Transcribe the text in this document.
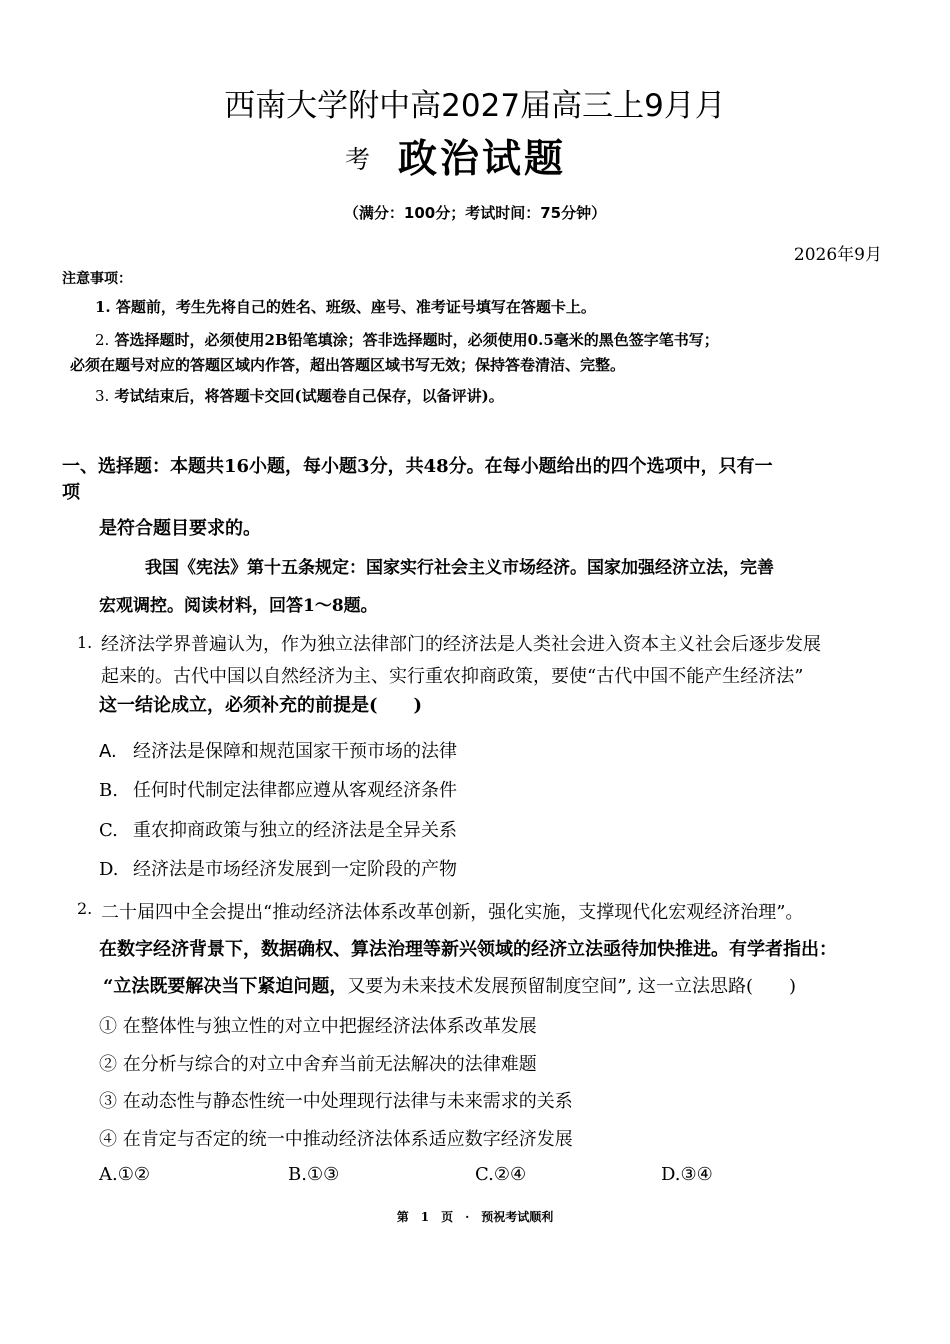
西南大学附中高2027届高三上9月月
考 政治试题
（满分：100分；考试时间：75分钟）
2026年9月
注意事项：
1. 答题前，考生先将自己的姓名、班级、座号、准考证号填写在答题卡上。
2. 答选择题时，必须使用2B铅笔填涂；答非选择题时，必须使用0.5毫米的黑色签字笔书写；
必须在题号对应的答题区域内作答，超出答题区域书写无效；保持答卷清洁、完整。
3. 考试结束后，将答题卡交回(试题卷自己保存，以备评讲)。
一、选择题：本题共16小题，每小题3分，共48分。在每小题给出的四个选项中，只有一
项
是符合题目要求的。
我国《宪法》第十五条规定：国家实行社会主义市场经济。国家加强经济立法，完善
宏观调控。阅读材料，回答1～8题。
1. 经济法学界普遍认为，作为独立法律部门的经济法是人类社会进入资本主义社会后逐步发展
起来的。古代中国以自然经济为主、实行重农抑商政策，要使“古代中国不能产生经济法”
这一结论成立，必须补充的前提是(　　)
A. 经济法是保障和规范国家干预市场的法律
B. 任何时代制定法律都应遵从客观经济条件
C. 重农抑商政策与独立的经济法是全异关系
D. 经济法是市场经济发展到一定阶段的产物
2. 二十届四中全会提出“推动经济法体系改革创新，强化实施，支撑现代化宏观经济治理”。
在数字经济背景下，数据确权、算法治理等新兴领域的经济立法亟待加快推进。有学者指出：
“立法既要解决当下紧迫问题，又要为未来技术发展预留制度空间”, 这一立法思路(　　)
① 在整体性与独立性的对立中把握经济法体系改革发展
② 在分析与综合的对立中舍弃当前无法解决的法律难题
③ 在动态性与静态性统一中处理现行法律与未来需求的关系
④ 在肯定与否定的统一中推动经济法体系适应数字经济发展
A.①②	B.①③	C.②④	D.③④
第　1　页　·　预祝考试顺利
